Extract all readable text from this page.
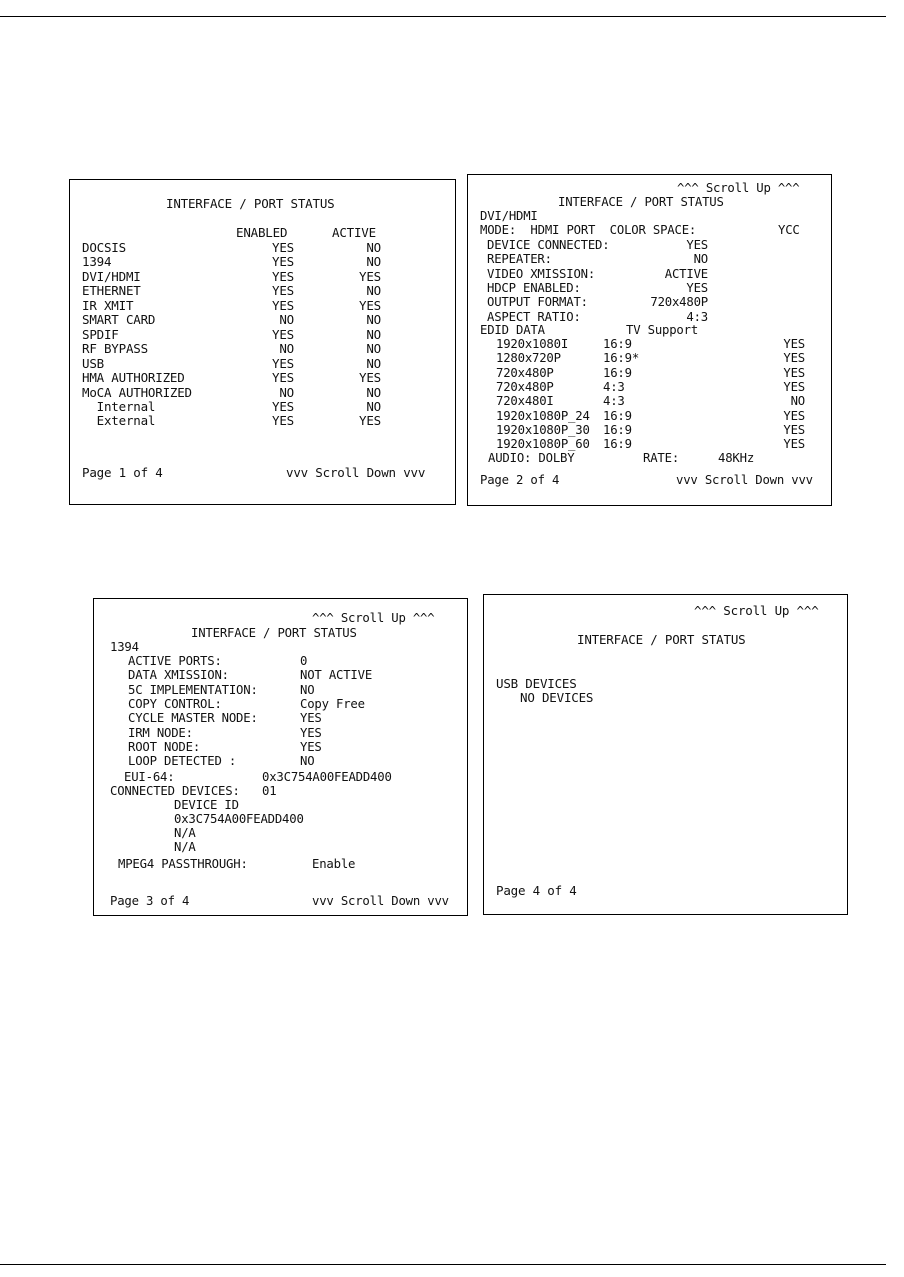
INTERFACE / PORT STATUS
ENABLED	ACTIVE
DOCSIS	YES	NO
1394	YES	NO
DVI/HDMI	YES	YES
ETHERNET	YES	NO
IR XMIT	YES	YES
SMART CARD	NO	NO
SPDIF	YES	NO
RF BYPASS	NO	NO
USB	YES	NO
HMA AUTHORIZED	YES	YES
MoCA AUTHORIZED	NO	NO
Internal	YES	NO
External	YES	YES
Page 1 of 4	vvv Scroll Down vvv
^^^ Scroll Up ^^^
INTERFACE / PORT STATUS
DVI/HDMI
MODE:  HDMI PORT  COLOR SPACE:	YCC
DEVICE CONNECTED:	YES
REPEATER:	NO
VIDEO XMISSION:	ACTIVE
HDCP ENABLED:	YES
OUTPUT FORMAT:	720x480P
ASPECT RATIO:	4:3
EDID DATA	TV Support
1920x1080I	16:9	YES
1280x720P	16:9*	YES
720x480P	16:9	YES
720x480P	4:3	YES
720x480I	4:3	NO
1920x1080P_24 16:9	YES
1920x1080P_30 16:9	YES
1920x1080P_60 16:9	YES
AUDIO: DOLBY	RATE:	48KHz
Page 2 of 4	vvv Scroll Down vvv
^^^ Scroll Up ^^^
INTERFACE / PORT STATUS
1394
ACTIVE PORTS:	0
DATA XMISSION:	NOT ACTIVE
5C IMPLEMENTATION:	NO
COPY CONTROL:	Copy Free
CYCLE MASTER NODE:	YES
IRM NODE:	YES
ROOT NODE:	YES
LOOP DETECTED :	NO
EUI-64:	0x3C754A00FEADD400
CONNECTED DEVICES: 01
DEVICE ID
0x3C754A00FEADD400
N/A
N/A
MPEG4 PASSTHROUGH:	Enable
Page 3 of 4	vvv Scroll Down vvv
^^^ Scroll Up ^^^
INTERFACE / PORT STATUS
USB DEVICES
NO DEVICES
Page 4 of 4
